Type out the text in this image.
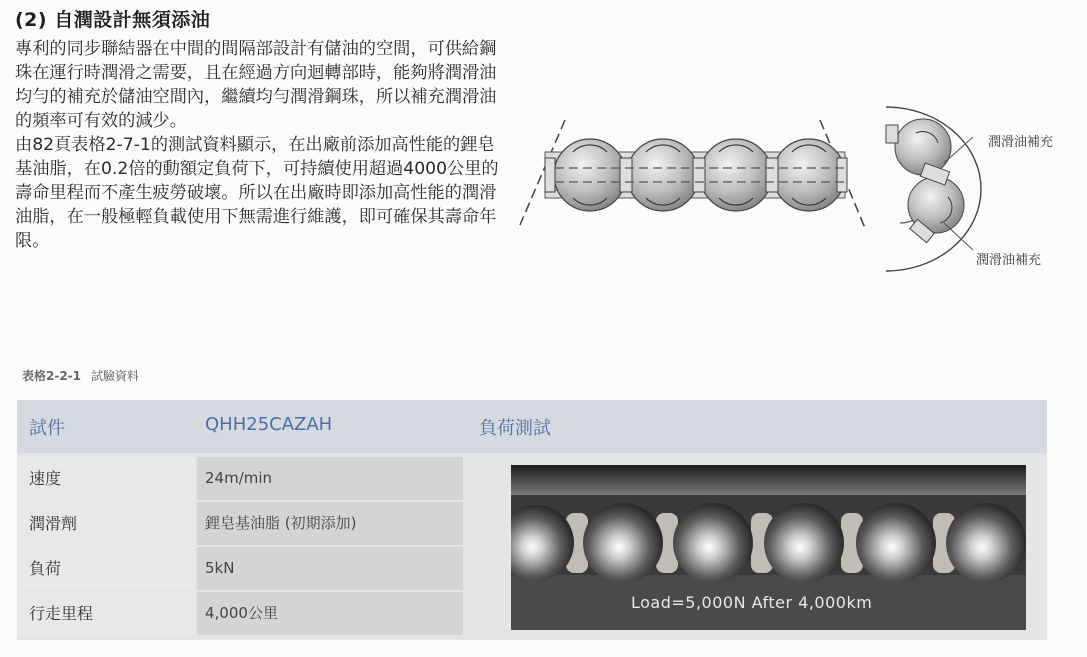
(2) 自潤設計無須添油

專利的同步聯結器在中間的間隔部設計有儲油的空間，可供給鋼珠在運行時潤滑之需要，且在經過方向迴轉部時，能夠將潤滑油均勻的補充於儲油空間內，繼續均勻潤滑鋼珠，所以補充潤滑油的頻率可有效的減少。

由82頁表格2-7-1的測試資料顯示，在出廠前添加高性能的鋰皂基油脂，在0.2倍的動額定負荷下，可持續使用超過4000公里的壽命里程而不產生疲勞破壞。所以在出廠時即添加高性能的潤滑油脂，在一般極輕負載使用下無需進行維護，即可確保其壽命年限。

潤滑油補充
潤滑油補充
表格2-2-1 試驗資料
試件	QHH25CAZAH	負荷測試
速度	24m/min
潤滑劑	鋰皂基油脂 (初期添加)
負荷	5kN
行走里程	4,000公里
Load=5,000N After 4,000km
